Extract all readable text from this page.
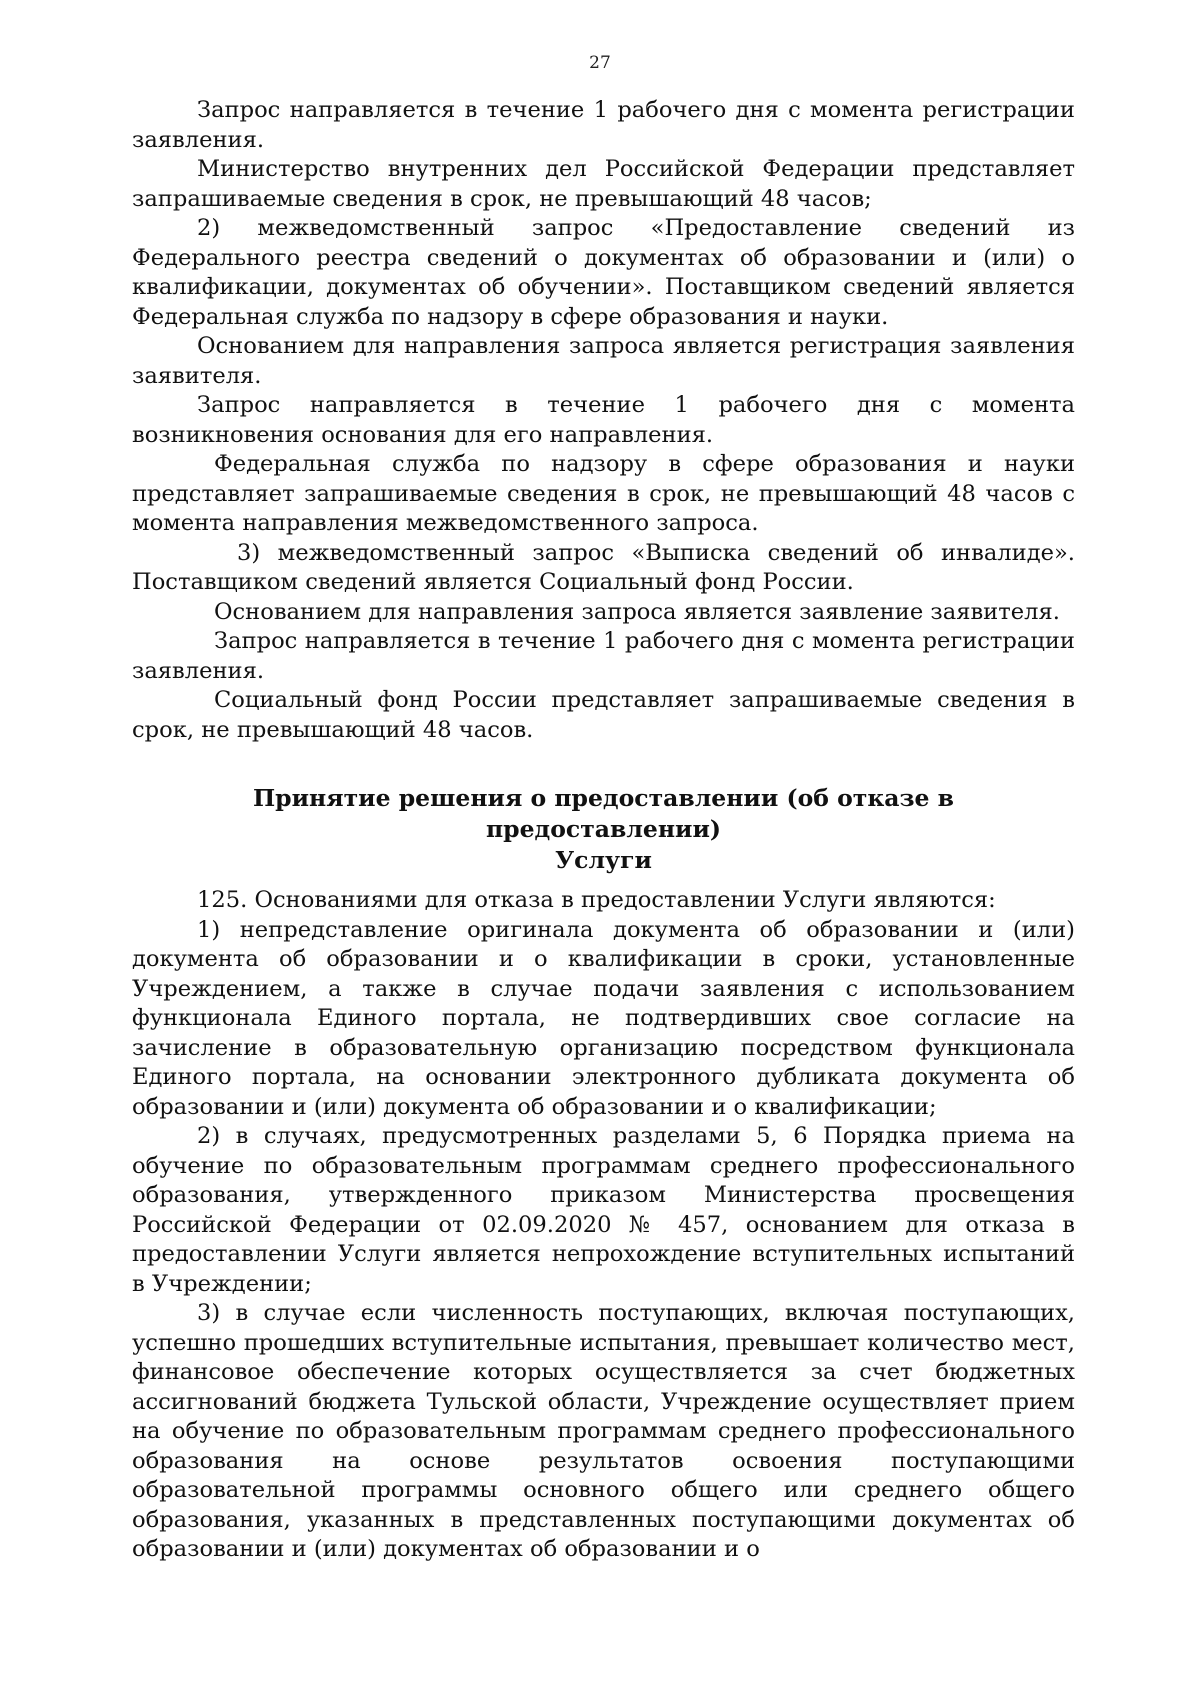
27

Запрос направляется в течение 1 рабочего дня с момента регистрации заявления.

Министерство внутренних дел Российской Федерации представляет запрашиваемые сведения в срок, не превышающий 48 часов;

2) межведомственный запрос «Предоставление сведений из Федерального реестра сведений о документах об образовании и (или) о квалификации, документах об обучении». Поставщиком сведений является Федеральная служба по надзору в сфере образования и науки.

Основанием для направления запроса является регистрация заявления заявителя.

Запрос направляется в течение 1 рабочего дня с момента возникновения основания для его направления.

Федеральная служба по надзору в сфере образования и науки представляет запрашиваемые сведения в срок, не превышающий 48 часов с момента направления межведомственного запроса.

3) межведомственный запрос «Выписка сведений об инвалиде». Поставщиком сведений является Социальный фонд России.

Основанием для направления запроса является заявление заявителя.

Запрос направляется в течение 1 рабочего дня с момента регистрации заявления.

Социальный фонд России представляет запрашиваемые сведения в срок, не превышающий 48 часов.

Принятие решения о предоставлении (об отказе в предоставлении)
Услуги

125. Основаниями для отказа в предоставлении Услуги являются:

1) непредставление оригинала документа об образовании и (или) документа об образовании и о квалификации в сроки, установленные Учреждением, а также в случае подачи заявления с использованием функционала Единого портала, не подтвердивших свое согласие на зачисление в образовательную организацию посредством функционала Единого портала, на основании электронного дубликата документа об образовании и (или) документа об образовании и о квалификации;

2) в случаях, предусмотренных разделами 5, 6 Порядка приема на обучение по образовательным программам среднего профессионального образования, утвержденного приказом Министерства просвещения Российской Федерации от 02.09.2020 № 457, основанием для отказа в предоставлении Услуги является непрохождение вступительных испытаний в Учреждении;

3) в случае если численность поступающих, включая поступающих, успешно прошедших вступительные испытания, превышает количество мест, финансовое обеспечение которых осуществляется за счет бюджетных ассигнований бюджета Тульской области, Учреждение осуществляет прием на обучение по образовательным программам среднего профессионального образования на основе результатов освоения поступающими образовательной программы основного общего или среднего общего образования, указанных в представленных поступающими документах об образовании и (или) документах об образовании и о
